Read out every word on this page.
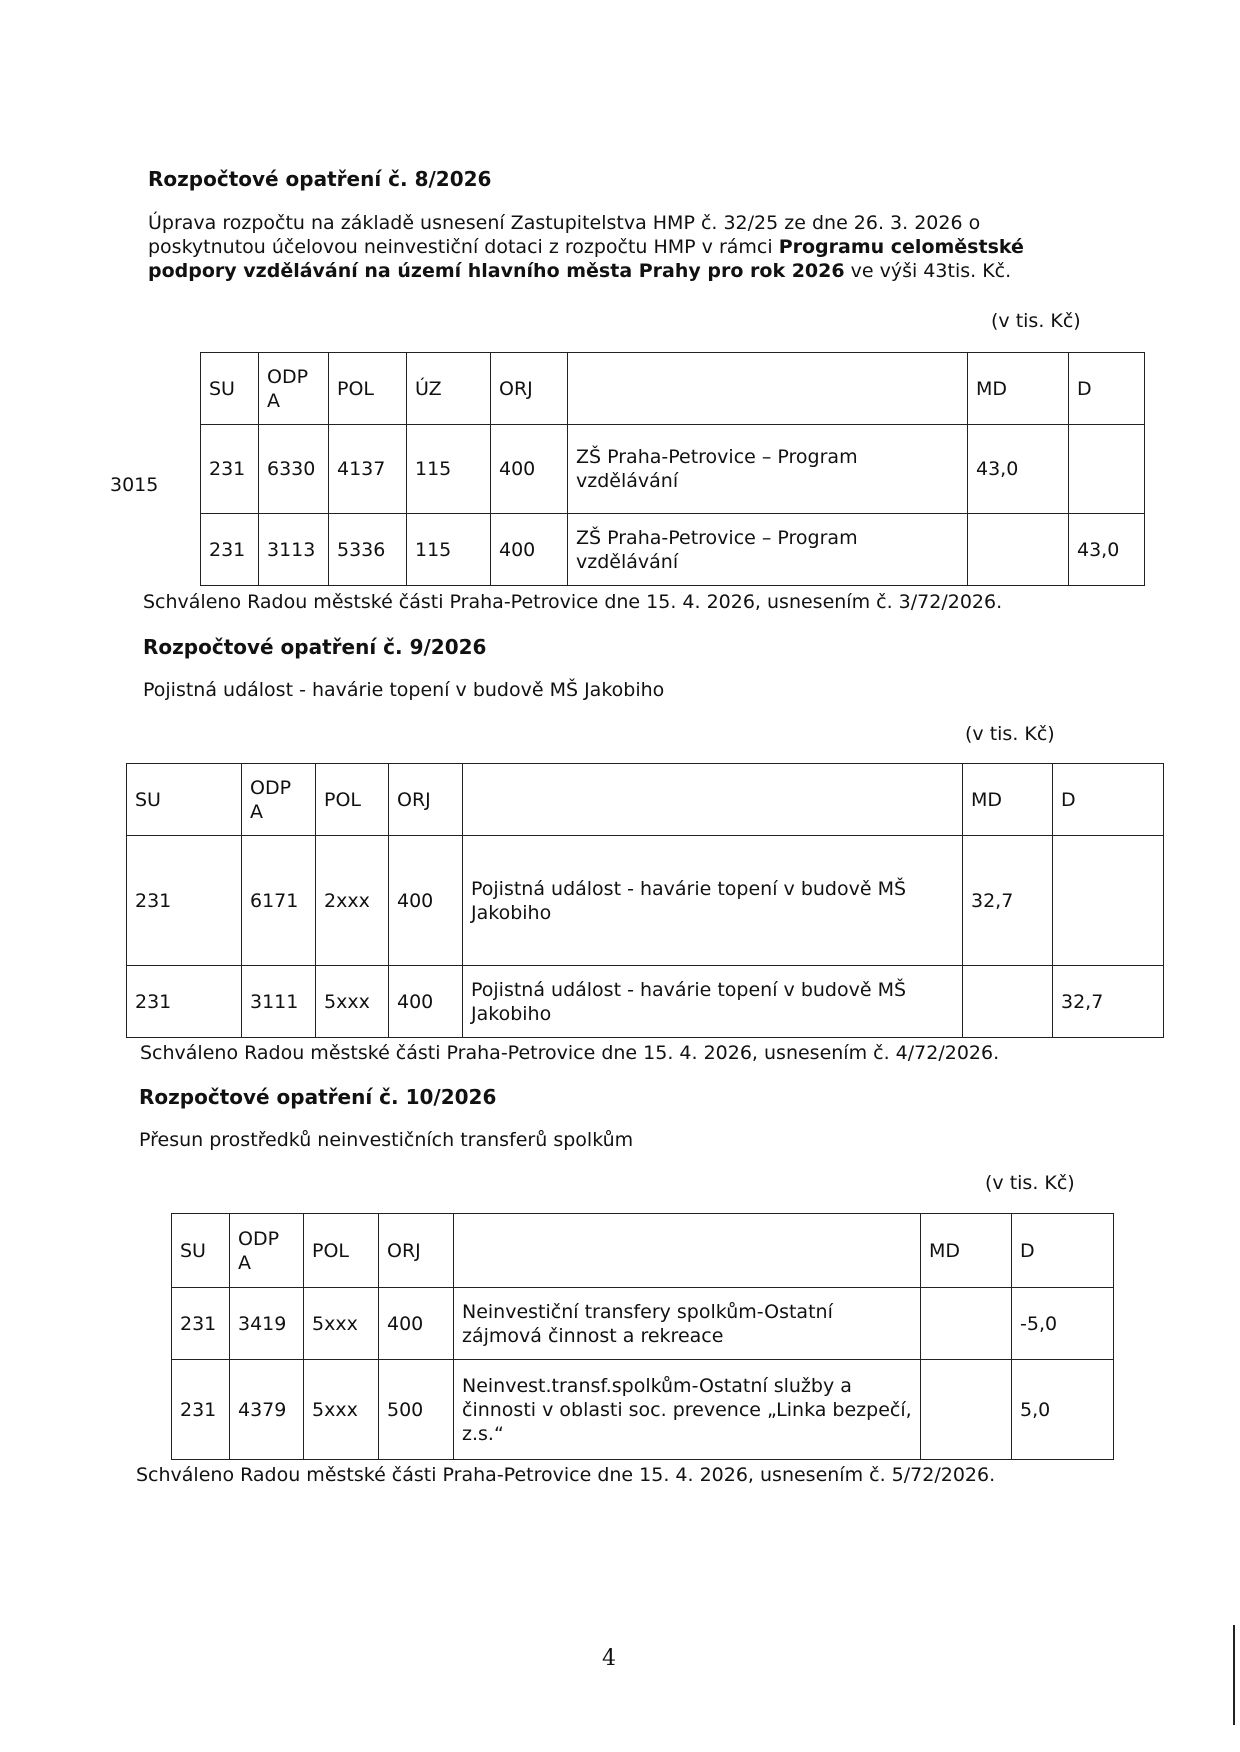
Rozpočtové opatření č. 8/2026
Úprava rozpočtu na základě usnesení Zastupitelstva HMP č. 32/25 ze dne 26. 3. 2026 o poskytnutou účelovou neinvestiční dotaci z rozpočtu HMP v rámci Programu celoměstské podpory vzdělávání na území hlavního města Prahy pro rok 2026 ve výši 43tis. Kč.
(v tis. Kč)
3015
SU	ODP A	POL	ÚZ	ORJ		MD	D
231	6330	4137	115	400	ZŠ Praha-Petrovice – Program vzdělávání	43,0	
231	3113	5336	115	400	ZŠ Praha-Petrovice – Program vzdělávání		43,0
Schváleno Radou městské části Praha-Petrovice dne 15. 4. 2026, usnesením č. 3/72/2026.
Rozpočtové opatření č. 9/2026
Pojistná událost - havárie topení v budově MŠ Jakobiho
(v tis. Kč)
SU	ODP A	POL	ORJ		MD	D
231	6171	2xxx	400	Pojistná událost - havárie topení v budově MŠ Jakobiho	32,7	
231	3111	5xxx	400	Pojistná událost - havárie topení v budově MŠ Jakobiho		32,7
Schváleno Radou městské části Praha-Petrovice dne 15. 4. 2026, usnesením č. 4/72/2026.
Rozpočtové opatření č. 10/2026
Přesun prostředků neinvestičních transferů spolkům
(v tis. Kč)
SU	ODP A	POL	ORJ		MD	D
231	3419	5xxx	400	Neinvestiční transfery spolkům-Ostatní zájmová činnost a rekreace		-5,0
231	4379	5xxx	500	Neinvest.transf.spolkům-Ostatní služby a činnosti v oblasti soc. prevence „Linka bezpečí, z.s.“		5,0
Schváleno Radou městské části Praha-Petrovice dne 15. 4. 2026, usnesením č. 5/72/2026.
4
